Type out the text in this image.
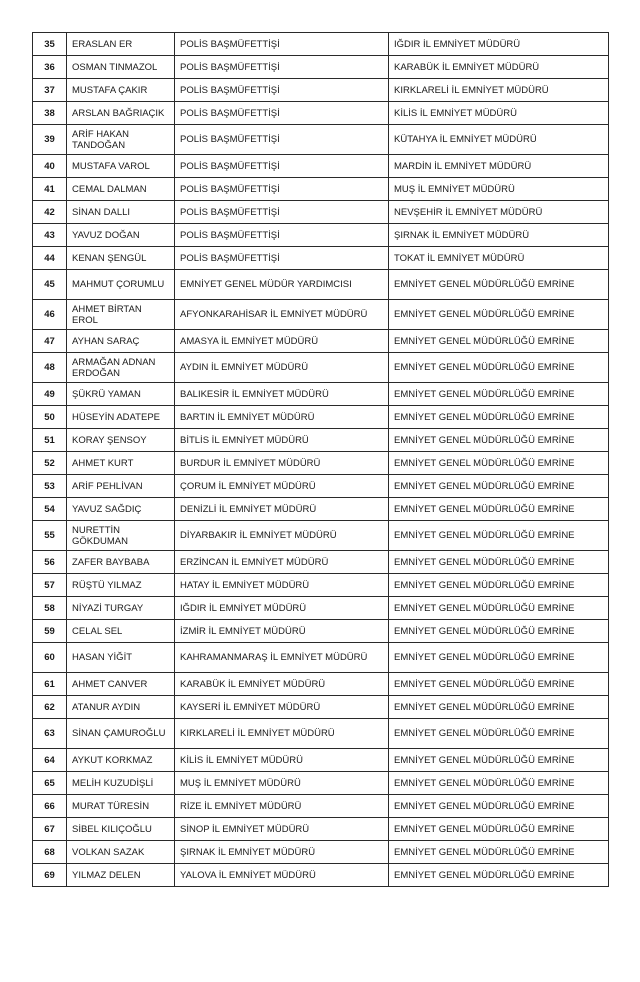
35	ERASLAN ER	POLİS BAŞMÜFETTİŞİ	IĞDIR İL EMNİYET MÜDÜRÜ
36	OSMAN TINMAZOL	POLİS BAŞMÜFETTİŞİ	KARABÜK İL EMNİYET MÜDÜRÜ
37	MUSTAFA ÇAKIR	POLİS BAŞMÜFETTİŞİ	KIRKLARELİ İL EMNİYET MÜDÜRÜ
38	ARSLAN BAĞRIAÇIK	POLİS BAŞMÜFETTİŞİ	KİLİS İL EMNİYET MÜDÜRÜ
39	ARİF HAKAN TANDOĞAN	POLİS BAŞMÜFETTİŞİ	KÜTAHYA İL EMNİYET MÜDÜRÜ
40	MUSTAFA VAROL	POLİS BAŞMÜFETTİŞİ	MARDİN İL EMNİYET MÜDÜRÜ
41	CEMAL DALMAN	POLİS BAŞMÜFETTİŞİ	MUŞ İL EMNİYET MÜDÜRÜ
42	SİNAN DALLI	POLİS BAŞMÜFETTİŞİ	NEVŞEHİR İL EMNİYET MÜDÜRÜ
43	YAVUZ DOĞAN	POLİS BAŞMÜFETTİŞİ	ŞIRNAK İL EMNİYET MÜDÜRÜ
44	KENAN ŞENGÜL	POLİS BAŞMÜFETTİŞİ	TOKAT İL EMNİYET MÜDÜRÜ
45	MAHMUT ÇORUMLU	EMNİYET GENEL MÜDÜR YARDIMCISI	EMNİYET GENEL MÜDÜRLÜĞÜ EMRİNE
46	AHMET BİRTAN EROL	AFYONKARAHİSAR İL EMNİYET MÜDÜRÜ	EMNİYET GENEL MÜDÜRLÜĞÜ EMRİNE
47	AYHAN SARAÇ	AMASYA İL EMNİYET MÜDÜRÜ	EMNİYET GENEL MÜDÜRLÜĞÜ EMRİNE
48	ARMAĞAN ADNAN ERDOĞAN	AYDIN İL EMNİYET MÜDÜRÜ	EMNİYET GENEL MÜDÜRLÜĞÜ EMRİNE
49	ŞÜKRÜ YAMAN	BALIKESİR İL EMNİYET MÜDÜRÜ	EMNİYET GENEL MÜDÜRLÜĞÜ EMRİNE
50	HÜSEYİN ADATEPE	BARTIN İL EMNİYET MÜDÜRÜ	EMNİYET GENEL MÜDÜRLÜĞÜ EMRİNE
51	KORAY ŞENSOY	BİTLİS İL EMNİYET MÜDÜRÜ	EMNİYET GENEL MÜDÜRLÜĞÜ EMRİNE
52	AHMET KURT	BURDUR İL EMNİYET MÜDÜRÜ	EMNİYET GENEL MÜDÜRLÜĞÜ EMRİNE
53	ARİF PEHLİVAN	ÇORUM İL EMNİYET MÜDÜRÜ	EMNİYET GENEL MÜDÜRLÜĞÜ EMRİNE
54	YAVUZ SAĞDIÇ	DENİZLİ İL EMNİYET MÜDÜRÜ	EMNİYET GENEL MÜDÜRLÜĞÜ EMRİNE
55	NURETTİN GÖKDUMAN	DİYARBAKIR İL EMNİYET MÜDÜRÜ	EMNİYET GENEL MÜDÜRLÜĞÜ EMRİNE
56	ZAFER BAYBABA	ERZİNCAN İL EMNİYET MÜDÜRÜ	EMNİYET GENEL MÜDÜRLÜĞÜ EMRİNE
57	RÜŞTÜ YILMAZ	HATAY İL EMNİYET MÜDÜRÜ	EMNİYET GENEL MÜDÜRLÜĞÜ EMRİNE
58	NİYAZİ TURGAY	IĞDIR İL EMNİYET MÜDÜRÜ	EMNİYET GENEL MÜDÜRLÜĞÜ EMRİNE
59	CELAL SEL	İZMİR İL EMNİYET MÜDÜRÜ	EMNİYET GENEL MÜDÜRLÜĞÜ EMRİNE
60	HASAN YİĞİT	KAHRAMANMARAŞ İL EMNİYET MÜDÜRÜ	EMNİYET GENEL MÜDÜRLÜĞÜ EMRİNE
61	AHMET CANVER	KARABÜK İL EMNİYET MÜDÜRÜ	EMNİYET GENEL MÜDÜRLÜĞÜ EMRİNE
62	ATANUR AYDIN	KAYSERİ İL EMNİYET MÜDÜRÜ	EMNİYET GENEL MÜDÜRLÜĞÜ EMRİNE
63	SİNAN ÇAMUROĞLU	KIRKLARELİ İL EMNİYET MÜDÜRÜ	EMNİYET GENEL MÜDÜRLÜĞÜ EMRİNE
64	AYKUT KORKMAZ	KİLİS İL EMNİYET MÜDÜRÜ	EMNİYET GENEL MÜDÜRLÜĞÜ EMRİNE
65	MELİH KUZUDİŞLİ	MUŞ İL EMNİYET MÜDÜRÜ	EMNİYET GENEL MÜDÜRLÜĞÜ EMRİNE
66	MURAT TÜRESİN	RİZE İL EMNİYET MÜDÜRÜ	EMNİYET GENEL MÜDÜRLÜĞÜ EMRİNE
67	SİBEL KILIÇOĞLU	SİNOP İL EMNİYET MÜDÜRÜ	EMNİYET GENEL MÜDÜRLÜĞÜ EMRİNE
68	VOLKAN SAZAK	ŞIRNAK İL EMNİYET MÜDÜRÜ	EMNİYET GENEL MÜDÜRLÜĞÜ EMRİNE
69	YILMAZ DELEN	YALOVA İL EMNİYET MÜDÜRÜ	EMNİYET GENEL MÜDÜRLÜĞÜ EMRİNE
